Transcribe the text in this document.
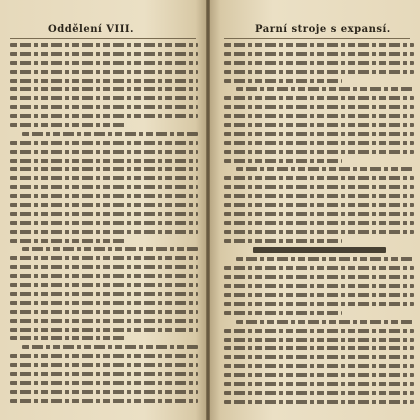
Oddělení VIII.	Parní stroje s expansí.
